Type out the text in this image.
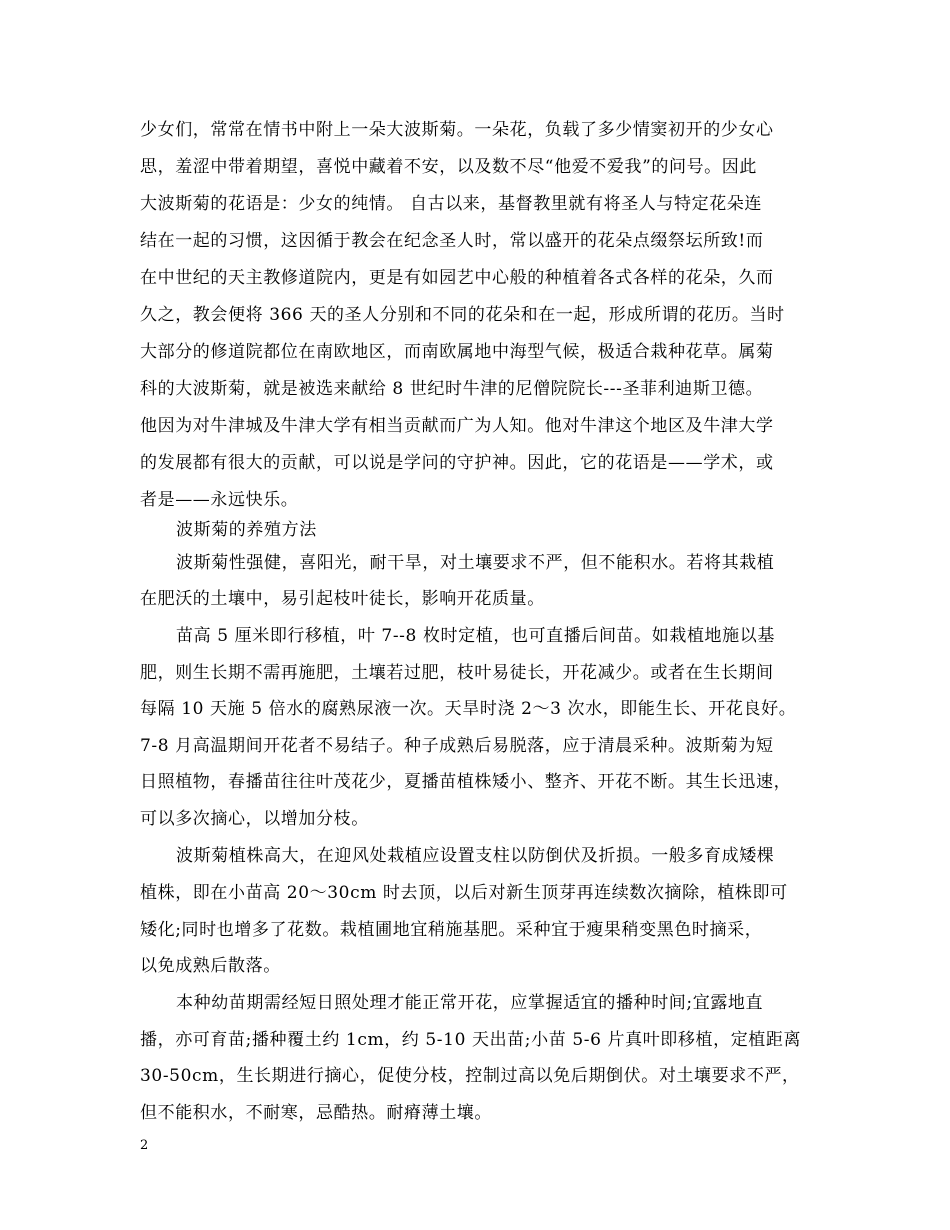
少女们，常常在情书中附上一朵大波斯菊。一朵花，负载了多少情窦初开的少女心
思，羞涩中带着期望，喜悦中藏着不安，以及数不尽“他爱不爱我”的问号。因此
大波斯菊的花语是：少女的纯情。 自古以来，基督教里就有将圣人与特定花朵连
结在一起的习惯，这因循于教会在纪念圣人时，常以盛开的花朵点缀祭坛所致!而
在中世纪的天主教修道院内，更是有如园艺中心般的种植着各式各样的花朵，久而
久之，教会便将 366 天的圣人分别和不同的花朵和在一起，形成所谓的花历。当时
大部分的修道院都位在南欧地区，而南欧属地中海型气候，极适合栽种花草。属菊
科的大波斯菊，就是被选来献给 8 世纪时牛津的尼僧院院长---圣菲利迪斯卫德。
他因为对牛津城及牛津大学有相当贡献而广为人知。他对牛津这个地区及牛津大学
的发展都有很大的贡献，可以说是学问的守护神。因此，它的花语是——学术，或
者是——永远快乐。
波斯菊的养殖方法
波斯菊性强健，喜阳光，耐干旱，对土壤要求不严，但不能积水。若将其栽植
在肥沃的土壤中，易引起枝叶徒长，影响开花质量。
苗高 5 厘米即行移植，叶 7--8 枚时定植，也可直播后间苗。如栽植地施以基
肥，则生长期不需再施肥，土壤若过肥，枝叶易徒长，开花减少。或者在生长期间
每隔 10 天施 5 倍水的腐熟尿液一次。天旱时浇 2～3 次水，即能生长、开花良好。
7-8 月高温期间开花者不易结子。种子成熟后易脱落，应于清晨采种。波斯菊为短
日照植物，春播苗往往叶茂花少，夏播苗植株矮小、整齐、开花不断。其生长迅速，
可以多次摘心，以增加分枝。
波斯菊植株高大，在迎风处栽植应设置支柱以防倒伏及折损。一般多育成矮棵
植株，即在小苗高 20～30cm 时去顶，以后对新生顶芽再连续数次摘除，植株即可
矮化;同时也增多了花数。栽植圃地宜稍施基肥。采种宜于瘦果稍变黑色时摘采，
以免成熟后散落。
本种幼苗期需经短日照处理才能正常开花，应掌握适宜的播种时间;宜露地直
播，亦可育苗;播种覆土约 1cm，约 5-10 天出苗;小苗 5-6 片真叶即移植，定植距离
30-50cm，生长期进行摘心，促使分枝，控制过高以免后期倒伏。对土壤要求不严，
但不能积水，不耐寒，忌酷热。耐瘠薄土壤。
2
